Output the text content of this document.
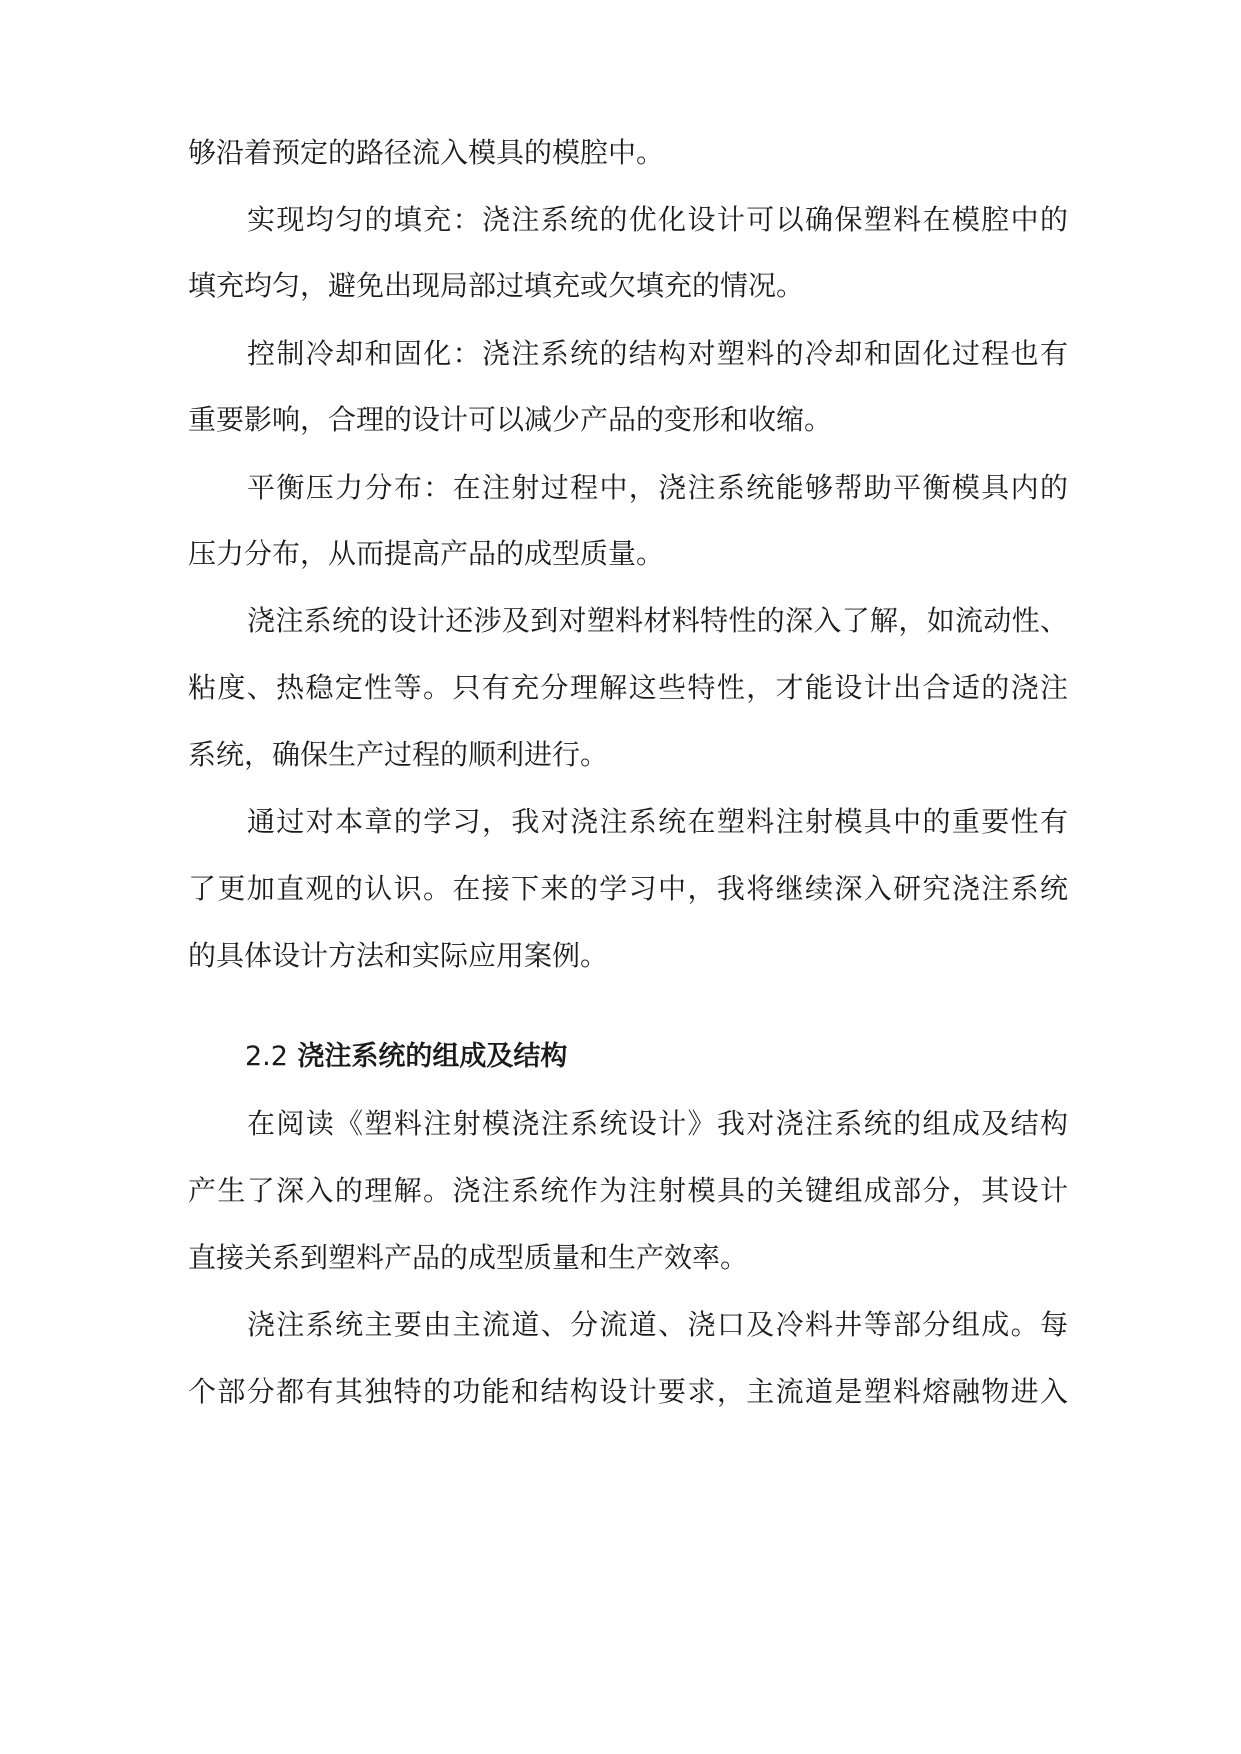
够沿着预定的路径流入模具的模腔中。
实现均匀的填充：浇注系统的优化设计可以确保塑料在模腔中的
填充均匀，避免出现局部过填充或欠填充的情况。
控制冷却和固化：浇注系统的结构对塑料的冷却和固化过程也有
重要影响，合理的设计可以减少产品的变形和收缩。
平衡压力分布：在注射过程中，浇注系统能够帮助平衡模具内的
压力分布，从而提高产品的成型质量。
浇注系统的设计还涉及到对塑料材料特性的深入了解，如流动性、
粘度、热稳定性等。只有充分理解这些特性，才能设计出合适的浇注
系统，确保生产过程的顺利进行。
通过对本章的学习，我对浇注系统在塑料注射模具中的重要性有
了更加直观的认识。在接下来的学习中，我将继续深入研究浇注系统
的具体设计方法和实际应用案例。
2.2 浇注系统的组成及结构
在阅读《塑料注射模浇注系统设计》我对浇注系统的组成及结构
产生了深入的理解。浇注系统作为注射模具的关键组成部分，其设计
直接关系到塑料产品的成型质量和生产效率。
浇注系统主要由主流道、分流道、浇口及冷料井等部分组成。每
个部分都有其独特的功能和结构设计要求，主流道是塑料熔融物进入
